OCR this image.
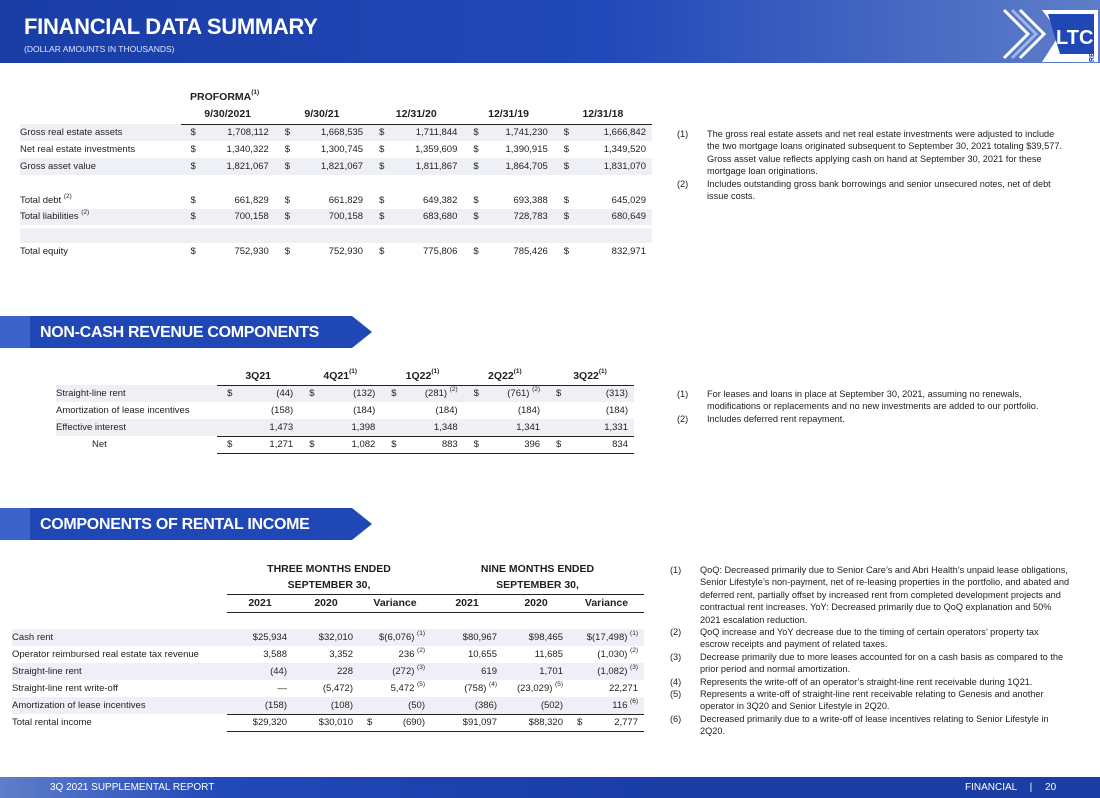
FINANCIAL DATA SUMMARY
(DOLLAR AMOUNTS IN THOUSANDS)	LTC
REIT
PROFORMA$^{(1)}$
	9/30/2021		9/30/21		12/31/20		12/31/19		12/31/18	
Gross real estate assets	$	1,708,112	$	1,668,535	$	1,711,844	$	1,741,230	$	1,666,842
Net real estate investments	$	1,340,322	$	1,300,745	$	1,359,609	$	1,390,915	$	1,349,520
Gross asset value	$	1,821,067	$	1,821,067	$	1,811,867	$	1,864,705	$	1,831,070

Total debt $^{(2)}$	$	661,829	$	661,829	$	649,382	$	693,388	$	645,029
Total liabilities $^{(2)}$	$	700,158	$	700,158	$	683,680	$	728,783	$	680,649

Total equity	$	752,930	$	752,930	$	775,806	$	785,426	$	832,971
(1)	The gross real estate assets and net real estate investments were adjusted to include the two mortgage loans originated subsequent to September 30, 2021 totaling $39,577. Gross asset value reflects applying cash on hand at September 30, 2021 for these mortgage loan originations.
(2)	Includes outstanding gross bank borrowings and senior unsecured notes, net of debt issue costs.
NON-CASH REVENUE COMPONENTS
	3Q21		4Q21$^{(1)}$		1Q22$^{(1)}$		2Q22$^{(1)}$		3Q22$^{(1)}$
Straight-line rent	$	(44)	$	(132)	$	(281) $^{(2)}$	$	(761) $^{(2)}$	$	(313)
Amortization of lease incentives		(158)		(184)		(184)		(184)		(184)
Effective interest		1,473		1,398		1,348		1,341		1,331
Net	$	1,271	$	1,082	$	883	$	396	$	834
(1)	For leases and loans in place at September 30, 2021, assuming no renewals, modifications or replacements and no new investments are added to our portfolio.
(2)	Includes deferred rent repayment.
COMPONENTS OF RENTAL INCOME
	THREE MONTHS ENDED			NINE MONTHS ENDED		
	SEPTEMBER 30,			SEPTEMBER 30,		
	2021	2020	Variance	2021	2020	Variance

Cash rent	$25,934	$32,010	$(6,076) $^{(1)}$	$80,967	$98,465	$(17,498) $^{(1)}$
Operator reimbursed real estate tax revenue	3,588	3,352	236 $^{(2)}$	10,655	11,685	(1,030) $^{(2)}$
Straight-line rent	(44)	228	(272) $^{(3)}$	619	1,701	(1,082) $^{(3)}$
Straight-line rent write-off	—	(5,472)	5,472 $^{(5)}$	(758) $^{(4)}$	(23,029) $^{(5)}$	22,271
Amortization of lease incentives	(158)	(108)	(50)	(386)	(502)	116 $^{(6)}$
Total rental income	$29,320	$30,010	$ (690)	$91,097	$88,320	$ 2,777
(1)	QoQ: Decreased primarily due to Senior Care’s and Abri Health’s unpaid lease obligations, Senior Lifestyle’s non-payment, net of re-leasing properties in the portfolio, and abated and deferred rent, partially offset by increased rent from completed development projects and contractual rent increases. YoY: Decreased primarily due to QoQ explanation and 50% 2021 escalation reduction.
(2)	QoQ increase and YoY decrease due to the timing of certain operators’ property tax escrow receipts and payment of related taxes.
(3)	Decrease primarily due to more leases accounted for on a cash basis as compared to the prior period and normal amortization.
(4)	Represents the write-off of an operator’s straight-line rent receivable during 1Q21.
(5)	Represents a write-off of straight-line rent receivable relating to Genesis and another operator in 3Q20 and Senior Lifestyle in 2Q20.
(6)	Decreased primarily due to a write-off of lease incentives relating to Senior Lifestyle in 2Q20.
3Q 2021 SUPPLEMENTAL REPORT	FINANCIAL | 20
